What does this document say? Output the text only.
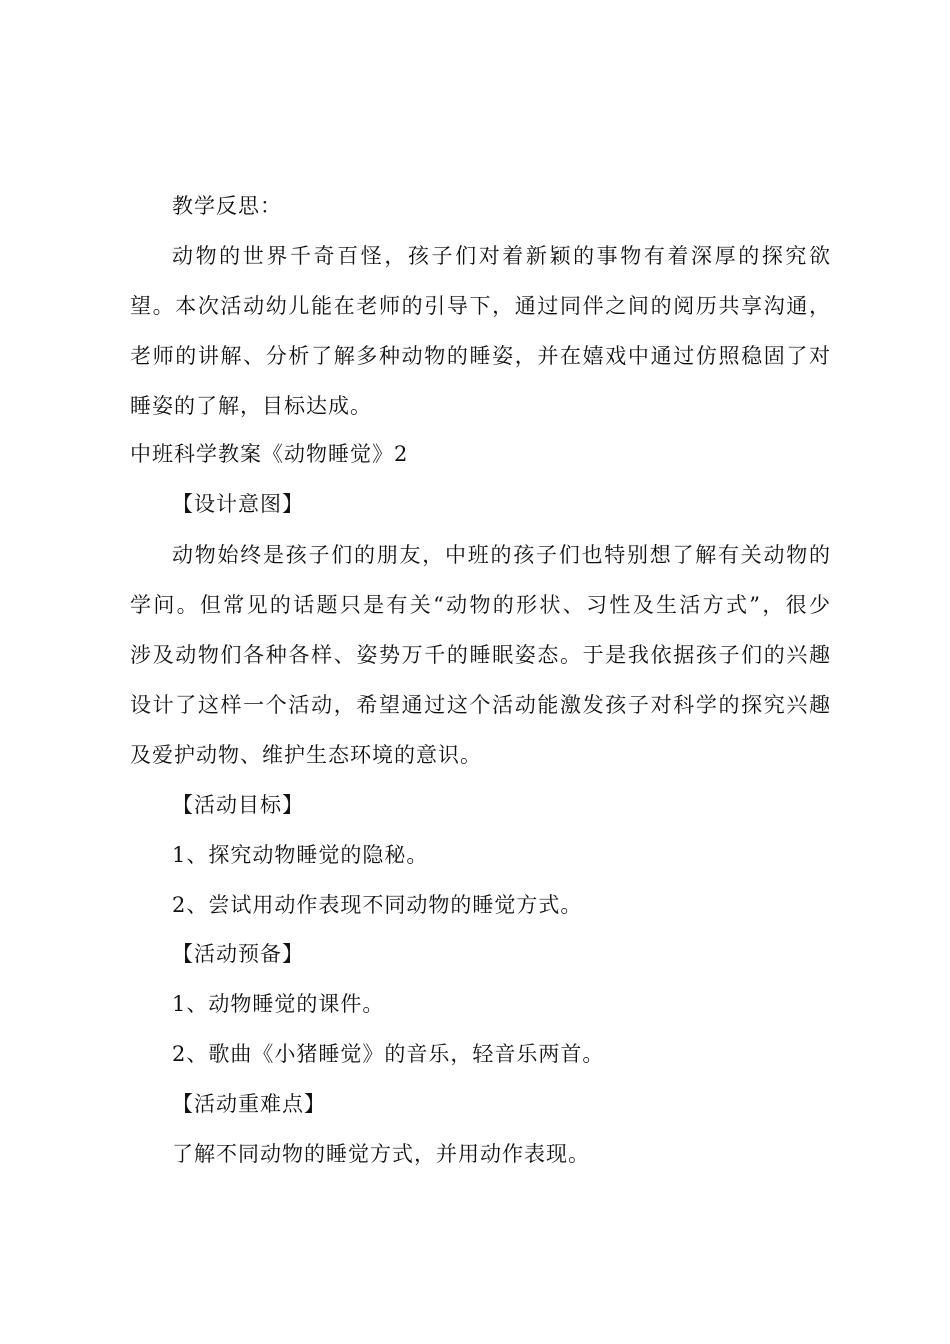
教学反思：
动物的世界千奇百怪，孩子们对着新颖的事物有着深厚的探究欲
望。本次活动幼儿能在老师的引导下，通过同伴之间的阅历共享沟通，
老师的讲解、分析了解多种动物的睡姿，并在嬉戏中通过仿照稳固了对
睡姿的了解，目标达成。
中班科学教案《动物睡觉》2
【设计意图】
动物始终是孩子们的朋友，中班的孩子们也特别想了解有关动物的
学问。但常见的话题只是有关“动物的形状、习性及生活方式”，很少
涉及动物们各种各样、姿势万千的睡眠姿态。于是我依据孩子们的兴趣
设计了这样一个活动，希望通过这个活动能激发孩子对科学的探究兴趣
及爱护动物、维护生态环境的意识。
【活动目标】
1、探究动物睡觉的隐秘。
2、尝试用动作表现不同动物的睡觉方式。
【活动预备】
1、动物睡觉的课件。
2、歌曲《小猪睡觉》的音乐，轻音乐两首。
【活动重难点】
了解不同动物的睡觉方式，并用动作表现。
